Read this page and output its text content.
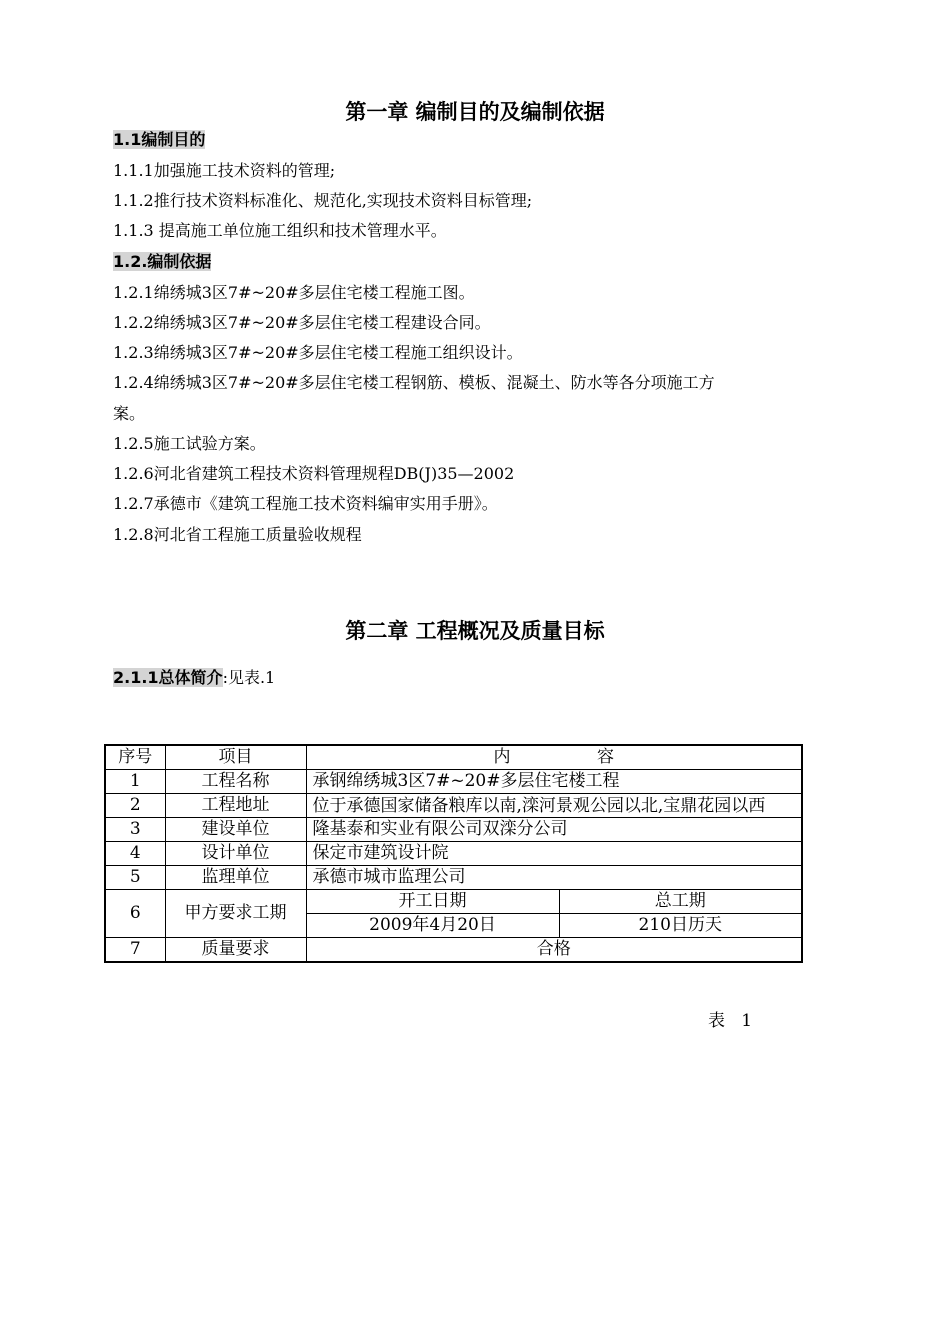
第一章 编制目的及编制依据
1.1编制目的
1.1.1加强施工技术资料的管理;
1.1.2推行技术资料标准化、规范化,实现技术资料目标管理;
1.1.3 提高施工单位施工组织和技术管理水平。
1.2.编制依据
1.2.1绵绣城3区7#~20#多层住宅楼工程施工图。
1.2.2绵绣城3区7#~20#多层住宅楼工程建设合同。
1.2.3绵绣城3区7#~20#多层住宅楼工程施工组织设计。
1.2.4绵绣城3区7#~20#多层住宅楼工程钢筋、模板、混凝土、防水等各分项施工方
案。
1.2.5施工试验方案。
1.2.6河北省建筑工程技术资料管理规程DB(J)35—2002
1.2.7承德市《建筑工程施工技术资料编审实用手册》。
1.2.8河北省工程施工质量验收规程
第二章 工程概况及质量目标
2.1.1总体简介:见表.1
序号	项目	内                容	
1	工程名称	承钢绵绣城3区7#~20#多层住宅楼工程	
2	工程地址	位于承德国家储备粮库以南,滦河景观公园以北,宝鼎花园以西	
3	建设单位	隆基泰和实业有限公司双滦分公司	
4	设计单位	保定市建筑设计院	
5	监理单位	承德市城市监理公司	
6	甲方要求工期	开工日期	总工期
		2009年4月20日	210日历天
7	质量要求	合格	
表   1
